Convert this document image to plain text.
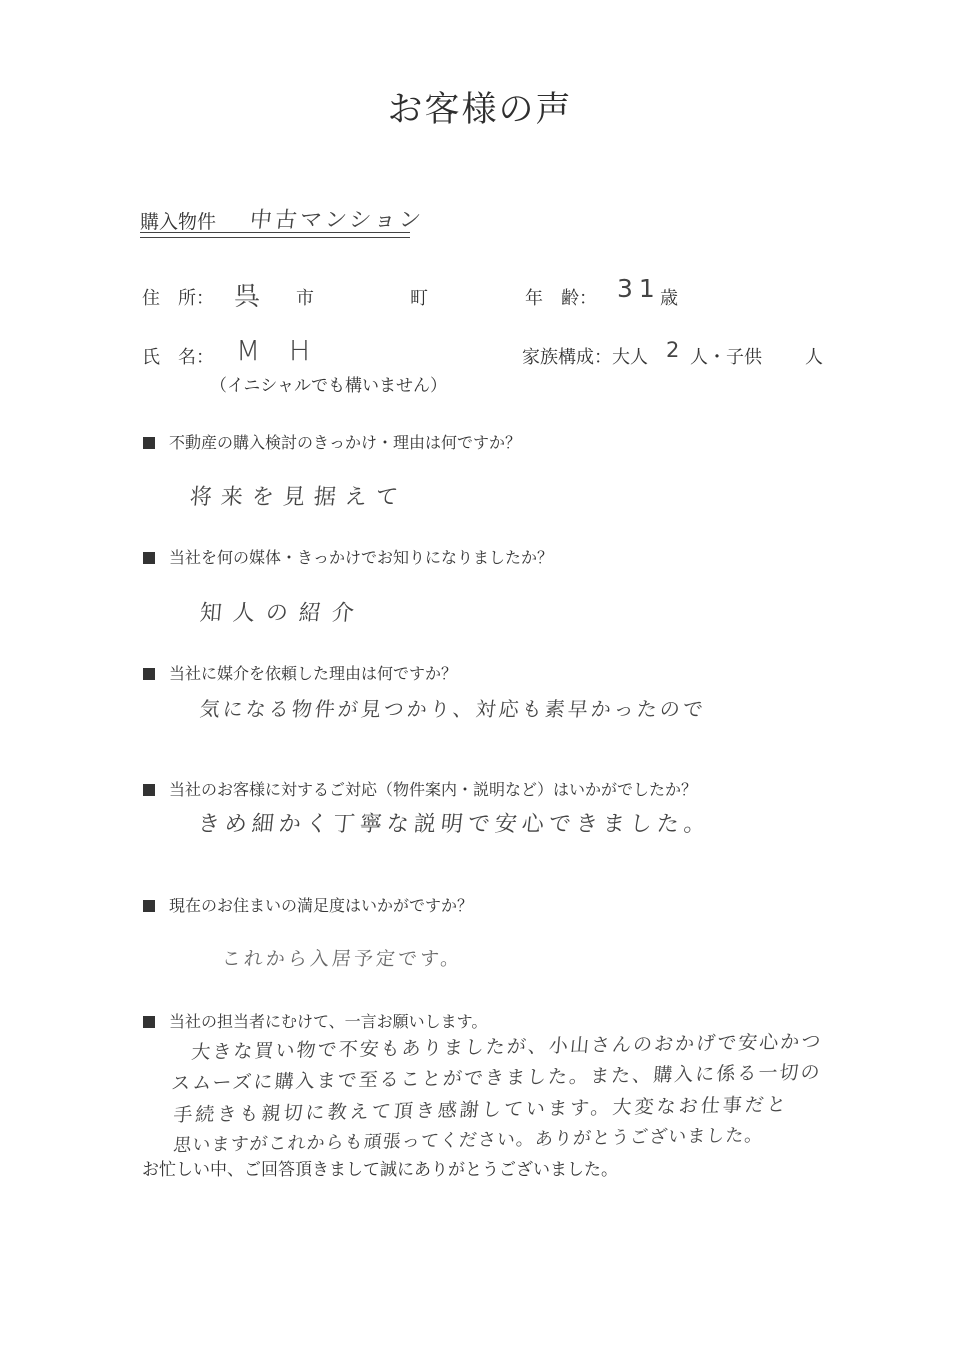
お客様の声
購入物件 中古マンション
住　所： 呉 市	町	年　齢： 31 歳
氏　名： M H
（イニシャルでも構いません）
家族構成：大人 2 人・子供 人
不動産の購入検討のきっかけ・理由は何ですか？
将来を見据えて
当社を何の媒体・きっかけでお知りになりましたか？
知人の紹介
当社に媒介を依頼した理由は何ですか？
気になる物件が見つかり、対応も素早かったので
当社のお客様に対するご対応（物件案内・説明など）はいかがでしたか？
きめ細かく丁寧な説明で安心できました。
現在のお住まいの満足度はいかがですか？
これから入居予定です。
当社の担当者にむけて、一言お願いします。
大きな買い物で不安もありましたが、小山さんのおかげで安心かつ
スムーズに購入まで至ることができました。また、購入に係る一切の
手続きも親切に教えて頂き感謝しています。大変なお仕事だと
思いますがこれからも頑張ってください。ありがとうございました。
お忙しい中、ご回答頂きまして誠にありがとうございました。
